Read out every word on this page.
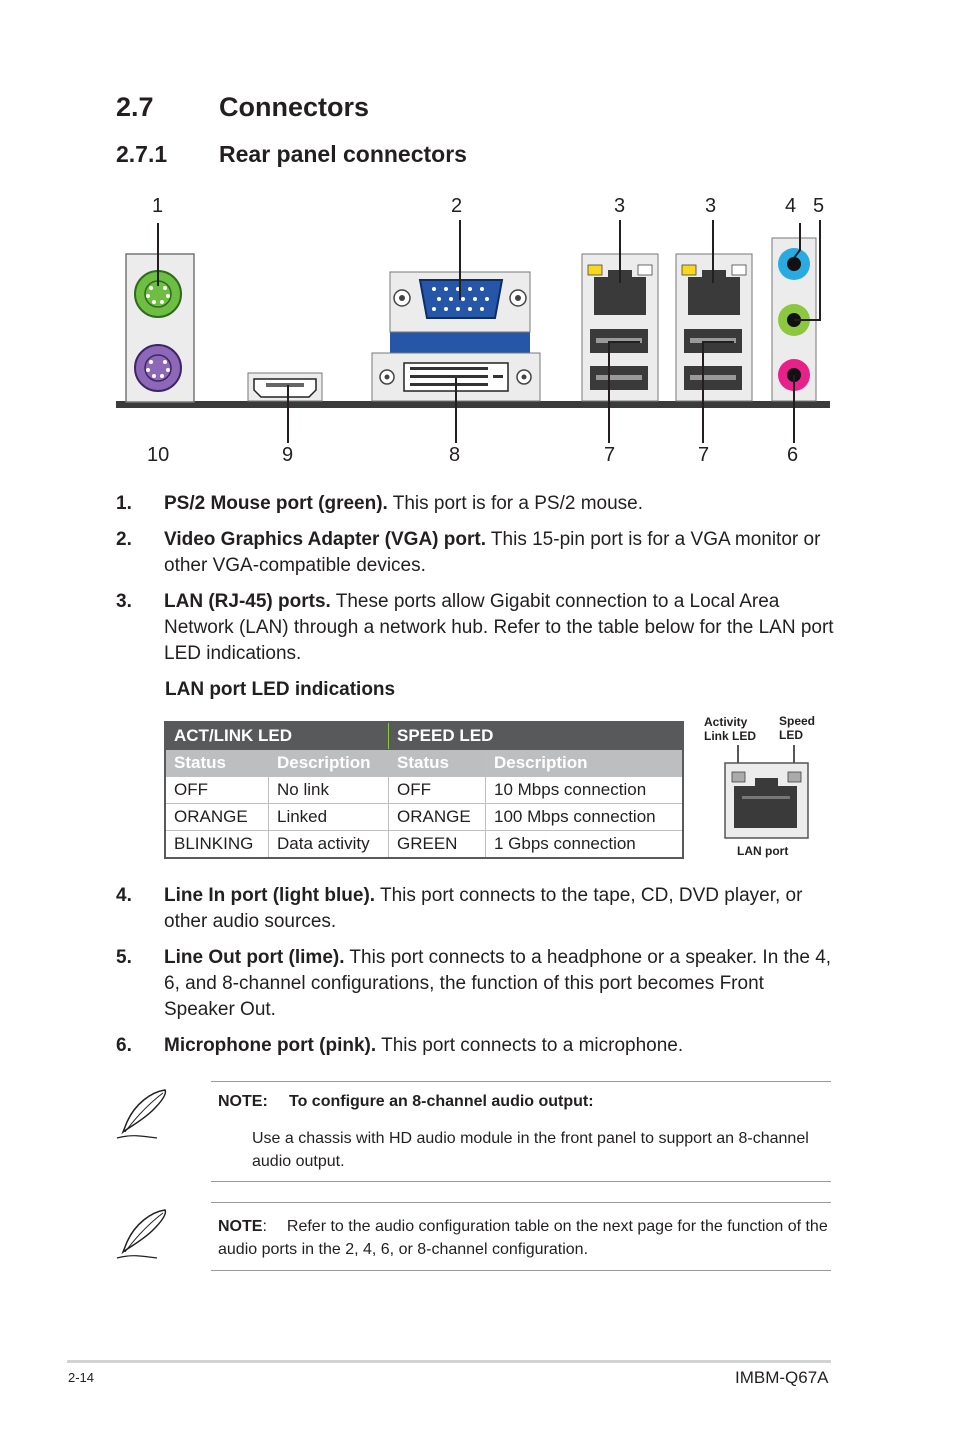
2.7 Connectors
2.7.1 Rear panel connectors
1	2	3	3	4 5
10	9	8	7	7	6
1. PS/2 Mouse port (green). This port is for a PS/2 mouse.
2. Video Graphics Adapter (VGA) port. This 15-pin port is for a VGA monitor or other VGA-compatible devices.
3. LAN (RJ-45) ports. These ports allow Gigabit connection to a Local Area Network (LAN) through a network hub. Refer to the table below for the LAN port LED indications.
LAN port LED indications
ACT/LINK LED		SPEED LED	
Status	Description	Status	Description
OFF	No link	OFF	10 Mbps connection
ORANGE	Linked	ORANGE	100 Mbps connection
BLINKING	Data activity	GREEN	1 Gbps connection
Activity
Link LED
Speed
LED
LAN port
4. Line In port (light blue). This port connects to the tape, CD, DVD player, or other audio sources.
5. Line Out port (lime). This port connects to a headphone or a speaker. In the 4, 6, and 8-channel configurations, the function of this port becomes Front Speaker Out.
6. Microphone port (pink). This port connects to a microphone.
NOTE: To configure an 8-channel audio output:
Use a chassis with HD audio module in the front panel to support an 8-channel audio output.
NOTE: Refer to the audio configuration table on the next page for the function of the audio ports in the 2, 4, 6, or 8-channel configuration.
2-14	IMBM-Q67A
